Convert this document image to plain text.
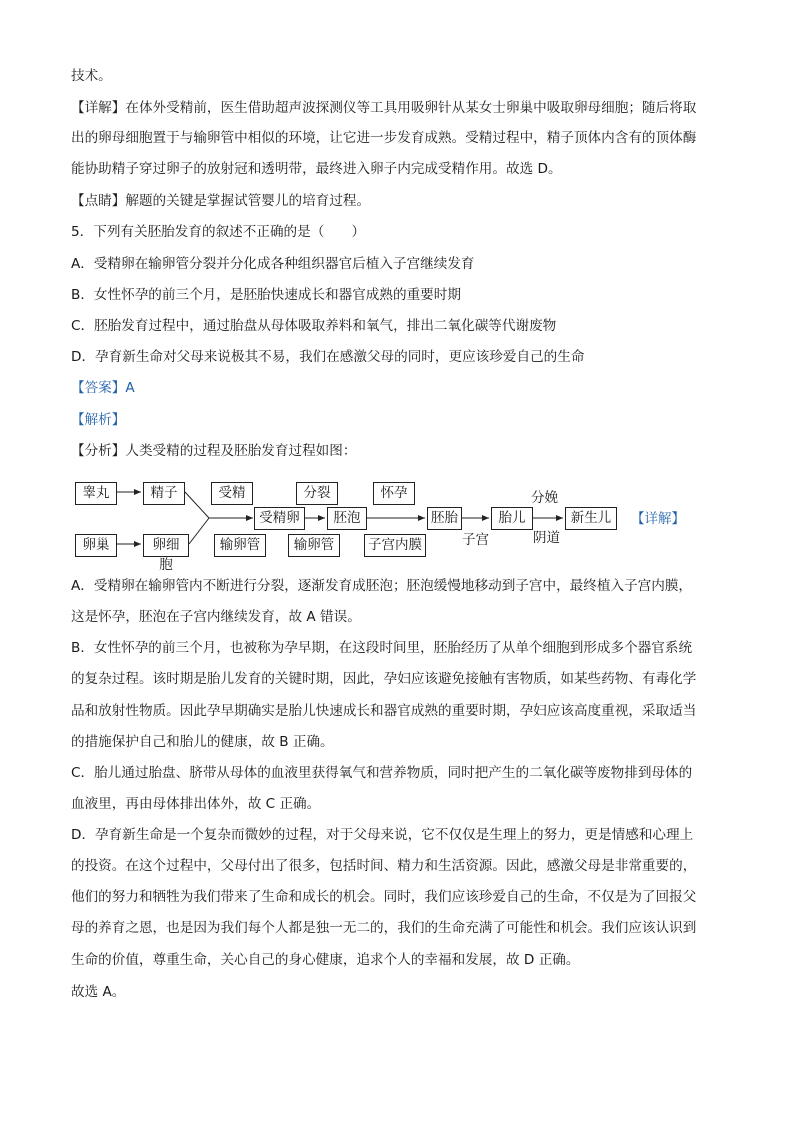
技术。
【详解】在体外受精前，医生借助超声波探测仪等工具用吸卵针从某女士卵巢中吸取卵母细胞；随后将取
出的卵母细胞置于与输卵管中相似的环境，让它进一步发育成熟。受精过程中，精子顶体内含有的顶体酶
能协助精子穿过卵子的放射冠和透明带，最终进入卵子内完成受精作用。故选 D。
【点睛】解题的关键是掌握试管婴儿的培育过程。
5．下列有关胚胎发育的叙述不正确的是（　　）
A．受精卵在输卵管分裂并分化成各种组织器官后植入子宫继续发育
B．女性怀孕的前三个月，是胚胎快速成长和器官成熟的重要时期
C．胚胎发育过程中，通过胎盘从母体吸取养料和氧气，排出二氧化碳等代谢废物
D．孕育新生命对父母来说极其不易，我们在感激父母的同时，更应该珍爱自己的生命
【答案】A
【解析】
【分析】人类受精的过程及胚胎发育过程如图：
睾丸	精子
卵巢	卵细胞
受精
受精卵
输卵管
分裂
胚泡
输卵管
怀孕
子宫内膜
胚胎
子宫
胎儿
分娩
阴道
新生儿	【详解】
A．受精卵在输卵管内不断进行分裂，逐渐发育成胚泡；胚泡缓慢地移动到子宫中，最终植入子宫内膜，
这是怀孕，胚泡在子宫内继续发育，故 A 错误。
B．女性怀孕的前三个月，也被称为孕早期，在这段时间里，胚胎经历了从单个细胞到形成多个器官系统
的复杂过程。该时期是胎儿发育的关键时期，因此，孕妇应该避免接触有害物质，如某些药物、有毒化学
品和放射性物质。因此孕早期确实是胎儿快速成长和器官成熟的重要时期，孕妇应该高度重视，采取适当
的措施保护自己和胎儿的健康，故 B 正确。
C．胎儿通过胎盘、脐带从母体的血液里获得氧气和营养物质，同时把产生的二氧化碳等废物排到母体的
血液里，再由母体排出体外，故 C 正确。
D．孕育新生命是一个复杂而微妙的过程，对于父母来说，它不仅仅是生理上的努力，更是情感和心理上
的投资。在这个过程中，父母付出了很多，包括时间、精力和生活资源。因此，感激父母是非常重要的，
他们的努力和牺牲为我们带来了生命和成长的机会。同时，我们应该珍爱自己的生命，不仅是为了回报父
母的养育之恩，也是因为我们每个人都是独一无二的，我们的生命充满了可能性和机会。我们应该认识到
生命的价值，尊重生命，关心自己的身心健康，追求个人的幸福和发展，故 D 正确。
故选 A。
